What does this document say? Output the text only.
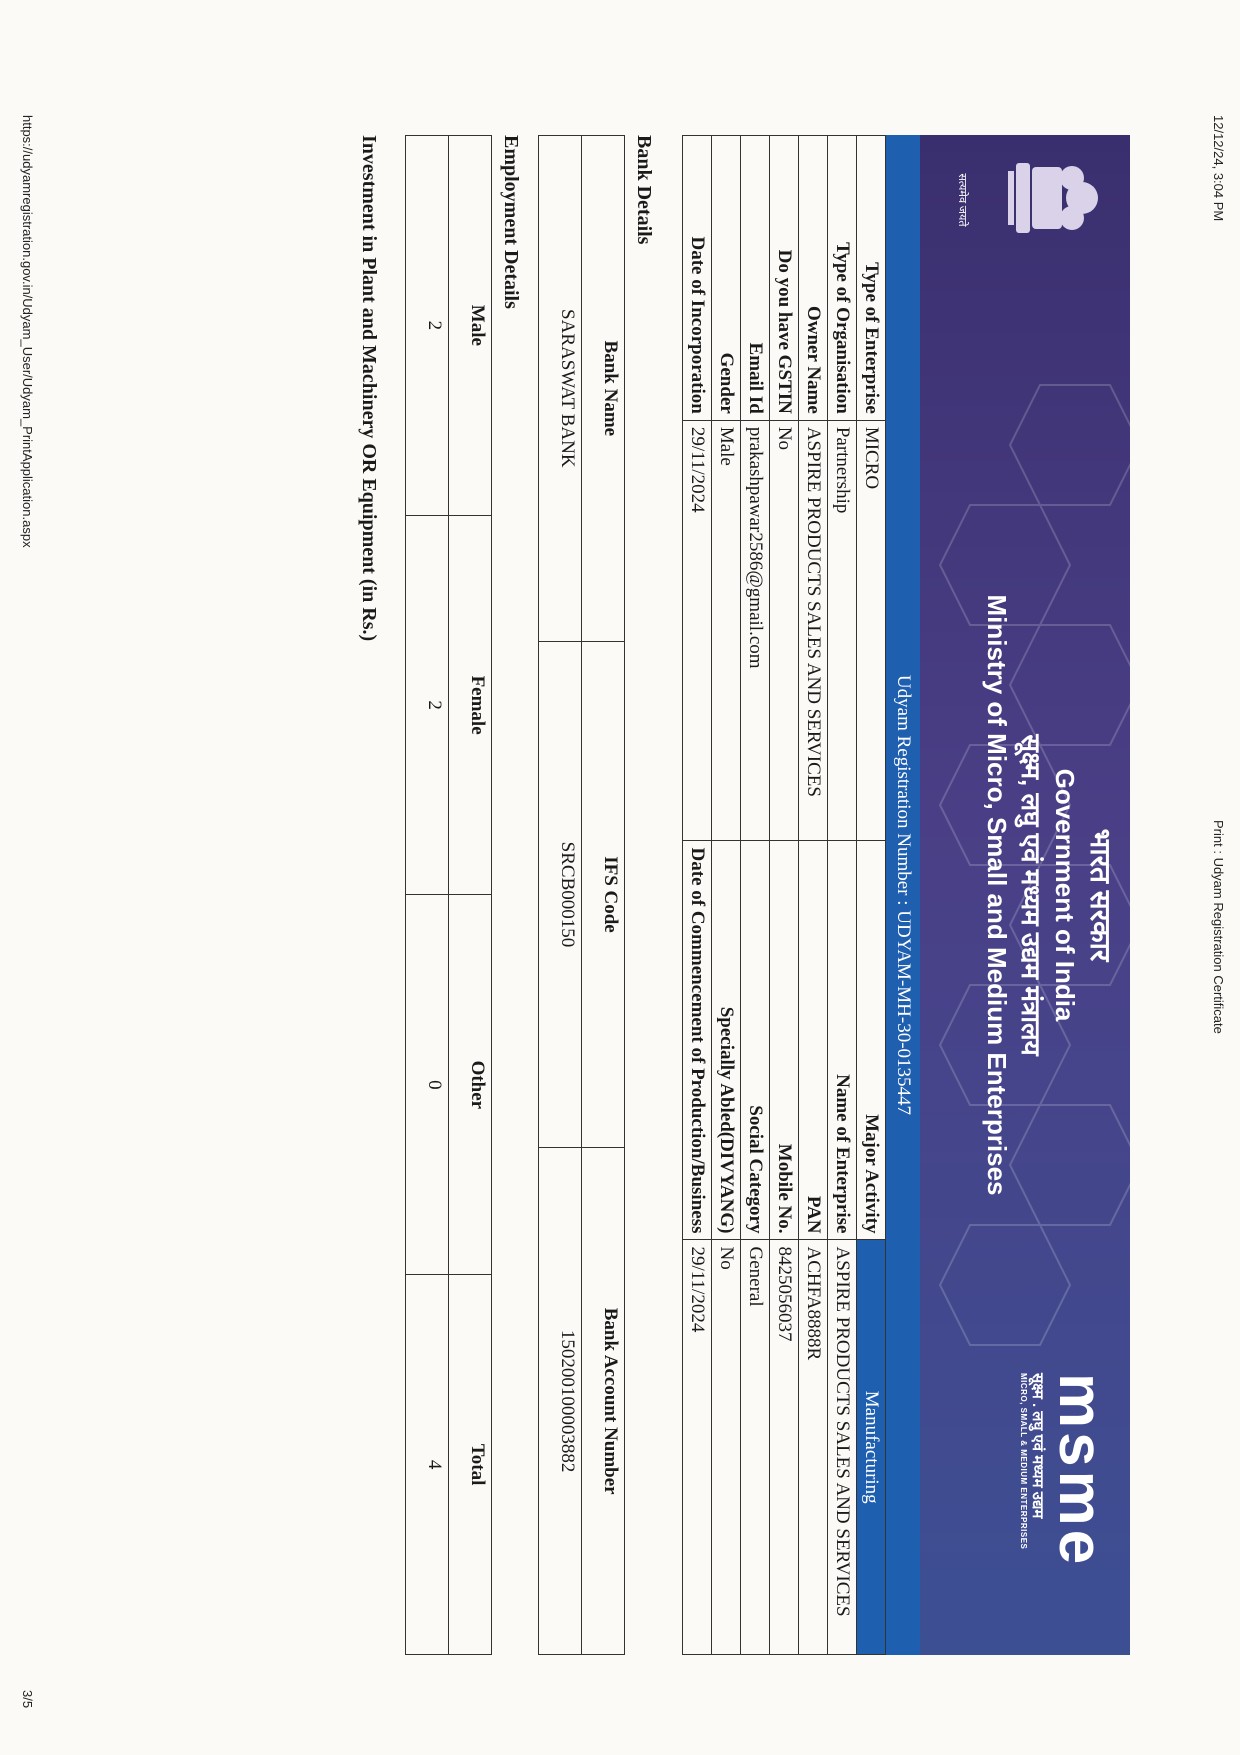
12/12/24, 3:04 PM
Print : Udyam Registration Certificate
सत्यमेव जयते
भारत सरकार
Government of India
सूक्ष्म, लघु एवं मध्यम उद्यम मंत्रालय
Ministry of Micro, Small and Medium Enterprises
msme
सूक्ष्म . लघु एवं मध्यम उद्यम
MICRO, SMALL & MEDIUM ENTERPRISES
Udyam Registration Number : UDYAM-MH-30-0135447
Type of Enterprise	MICRO	Major Activity	Manufacturing
Type of Organisation	Partnership	Name of Enterprise	ASPIRE PRODUCTS SALES AND SERVICES
Owner Name	ASPIRE PRODUCTS SALES AND SERVICES	PAN	ACHFA8888R
Do you have GSTIN	No	Mobile No.	8425056037
Email Id	prakashpawar2586@gmail.com	Social Category	General
Gender	Male	Specially Abled(DIVYANG)	No
Date of Incorporation	29/11/2024	Date of Commencement of Production/Business	29/11/2024
Bank Details
Bank Name	IFS Code	Bank Account Number
SARASWAT BANK	SRCB000150	150200100003882
Employment Details
Male	Female	Other	Total
2	2	0	4
Investment in Plant and Machinery OR Equipment (in Rs.)
https://udyamregistration.gov.in/Udyam_User/Udyam_PrintApplication.aspx
3/5
